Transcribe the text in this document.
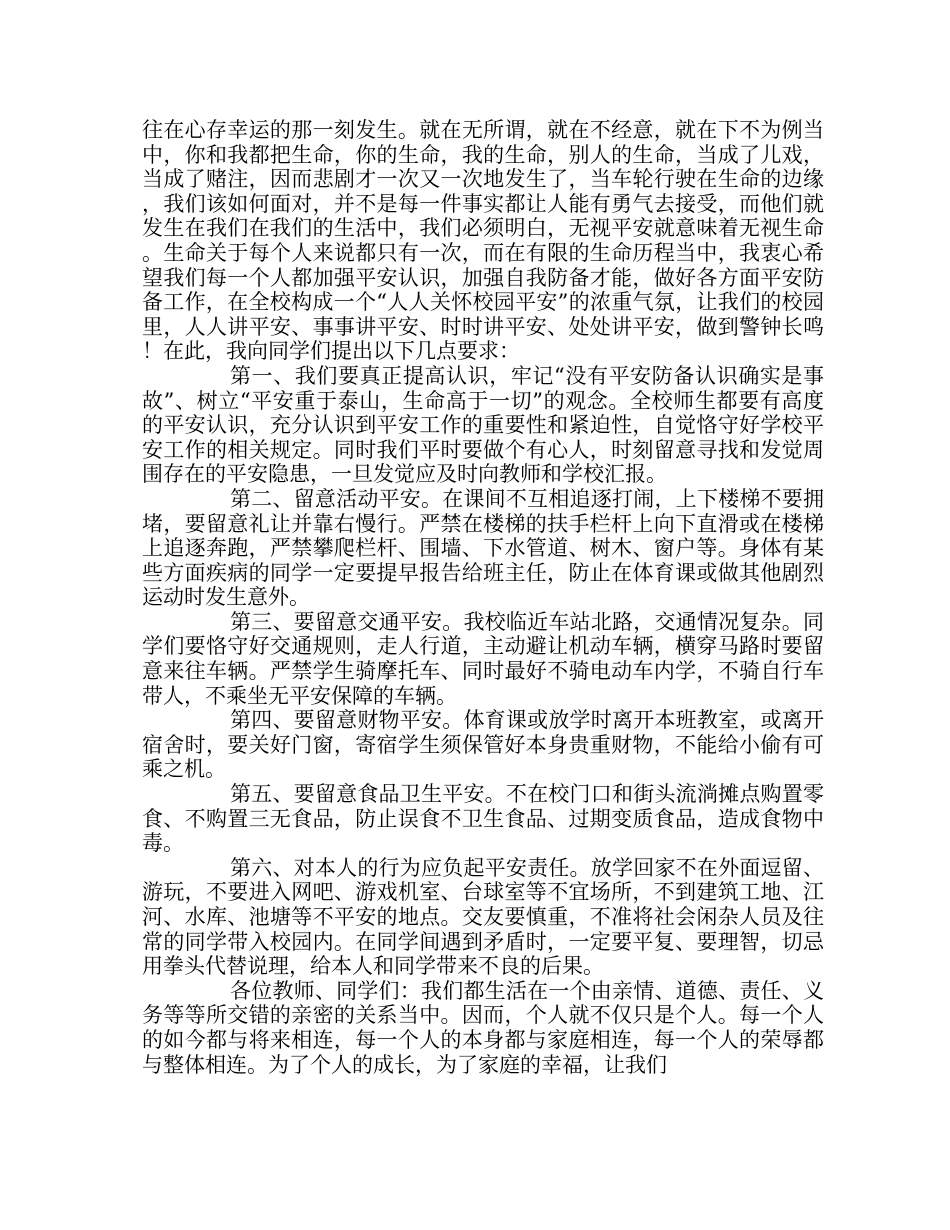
往在心存幸运的那一刻发生。就在无所谓，就在不经意，就在下不为例当中，你和我都把生命，你的生命，我的生命，别人的生命，当成了儿戏，当成了赌注，因而悲剧才一次又一次地发生了，当车轮行驶在生命的边缘，我们该如何面对，并不是每一件事实都让人能有勇气去接受，而他们就发生在我们在我们的生活中，我们必须明白，无视平安就意味着无视生命。生命关于每个人来说都只有一次，而在有限的生命历程当中，我衷心希望我们每一个人都加强平安认识，加强自我防备才能，做好各方面平安防备工作，在全校构成一个“人人关怀校园平安”的浓重气氛，让我们的校园里，人人讲平安、事事讲平安、时时讲平安、处处讲平安，做到警钟长鸣！在此，我向同学们提出以下几点要求：

第一、我们要真正提高认识，牢记“没有平安防备认识确实是事故”、树立“平安重于泰山，生命高于一切”的观念。全校师生都要有高度的平安认识，充分认识到平安工作的重要性和紧迫性，自觉恪守好学校平安工作的相关规定。同时我们平时要做个有心人，时刻留意寻找和发觉周围存在的平安隐患，一旦发觉应及时向教师和学校汇报。

第二、留意活动平安。在课间不互相追逐打闹，上下楼梯不要拥堵，要留意礼让并靠右慢行。严禁在楼梯的扶手栏杆上向下直滑或在楼梯上追逐奔跑，严禁攀爬栏杆、围墙、下水管道、树木、窗户等。身体有某些方面疾病的同学一定要提早报告给班主任，防止在体育课或做其他剧烈运动时发生意外。

第三、要留意交通平安。我校临近车站北路，交通情况复杂。同学们要恪守好交通规则，走人行道，主动避让机动车辆，横穿马路时要留意来往车辆。严禁学生骑摩托车、同时最好不骑电动车内学，不骑自行车带人，不乘坐无平安保障的车辆。

第四、要留意财物平安。体育课或放学时离开本班教室，或离开宿舍时，要关好门窗，寄宿学生须保管好本身贵重财物，不能给小偷有可乘之机。

第五、要留意食品卫生平安。不在校门口和街头流淌摊点购置零食、不购置三无食品，防止误食不卫生食品、过期变质食品，造成食物中毒。

第六、对本人的行为应负起平安责任。放学回家不在外面逗留、游玩，不要进入网吧、游戏机室、台球室等不宜场所，不到建筑工地、江河、水库、池塘等不平安的地点。交友要慎重，不准将社会闲杂人员及往常的同学带入校园内。在同学间遇到矛盾时，一定要平复、要理智，切忌用拳头代替说理，给本人和同学带来不良的后果。

各位教师、同学们：我们都生活在一个由亲情、道德、责任、义务等等所交错的亲密的关系当中。因而，个人就不仅只是个人。每一个人的如今都与将来相连，每一个人的本身都与家庭相连，每一个人的荣辱都与整体相连。为了个人的成长，为了家庭的幸福，让我们
